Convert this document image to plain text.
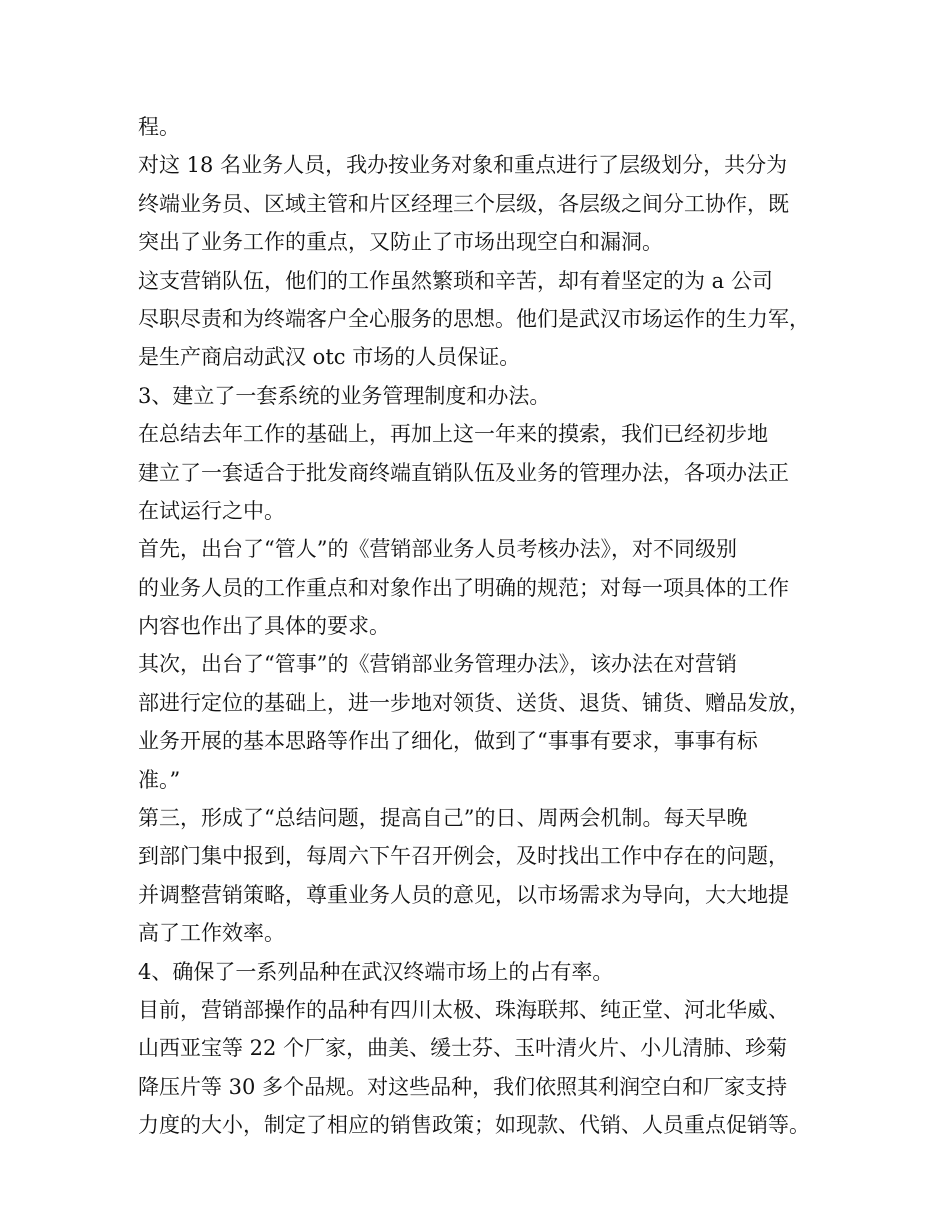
程。
对这 18 名业务人员，我办按业务对象和重点进行了层级划分，共分为
终端业务员、区域主管和片区经理三个层级，各层级之间分工协作，既
突出了业务工作的重点，又防止了市场出现空白和漏洞。
这支营销队伍，他们的工作虽然繁琐和辛苦，却有着坚定的为 a 公司
尽职尽责和为终端客户全心服务的思想。他们是武汉市场运作的生力军，
是生产商启动武汉 otc 市场的人员保证。
3、建立了一套系统的业务管理制度和办法。
在总结去年工作的基础上，再加上这一年来的摸索，我们已经初步地
建立了一套适合于批发商终端直销队伍及业务的管理办法，各项办法正
在试运行之中。
首先，出台了“管人”的《营销部业务人员考核办法》，对不同级别
的业务人员的工作重点和对象作出了明确的规范；对每一项具体的工作
内容也作出了具体的要求。
其次，出台了“管事”的《营销部业务管理办法》，该办法在对营销
部进行定位的基础上，进一步地对领货、送货、退货、铺货、赠品发放，
业务开展的基本思路等作出了细化，做到了“事事有要求，事事有标
准。”
第三，形成了“总结问题，提高自己”的日、周两会机制。每天早晚
到部门集中报到，每周六下午召开例会，及时找出工作中存在的问题，
并调整营销策略，尊重业务人员的意见，以市场需求为导向，大大地提
高了工作效率。
4、确保了一系列品种在武汉终端市场上的占有率。
目前，营销部操作的品种有四川太极、珠海联邦、纯正堂、河北华威、
山西亚宝等 22 个厂家，曲美、缓士芬、玉叶清火片、小儿清肺、珍菊
降压片等 30 多个品规。对这些品种，我们依照其利润空白和厂家支持
力度的大小，制定了相应的销售政策；如现款、代销、人员重点促销等。
